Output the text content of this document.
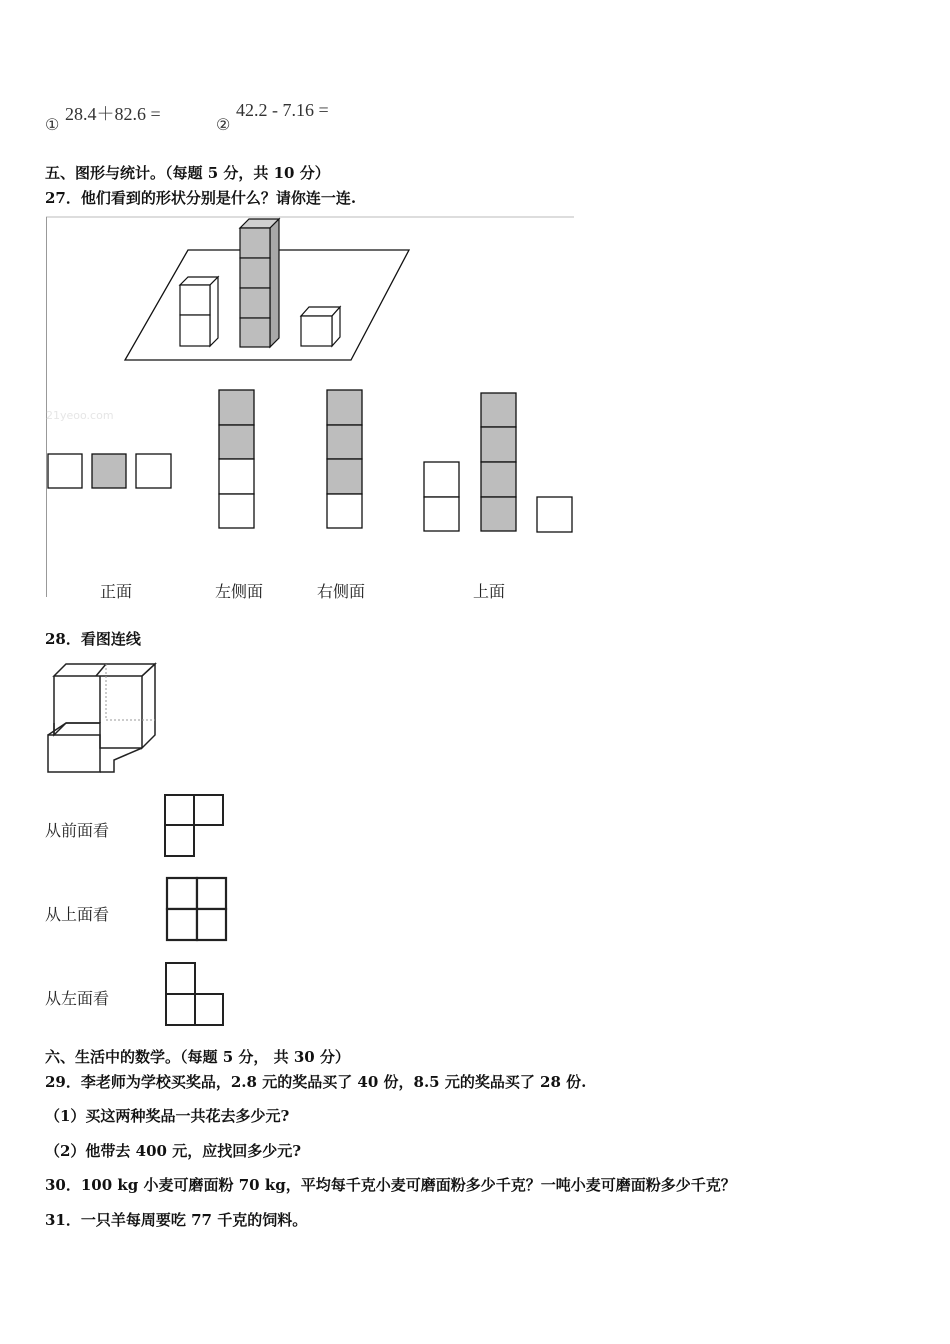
①
28.4＋82.6 =
②
42.2 - 7.16 =
五、图形与统计。（每题 5 分，共 10 分）
27．他们看到的形状分别是什么？请你连一连.
21yeoo.com
正面	左侧面	右侧面	上面
28．看图连线
从前面看
从上面看
从左面看
六、生活中的数学。（每题 5 分， 共 30 分）
29．李老师为学校买奖品，2.8 元的奖品买了 40 份，8.5 元的奖品买了 28 份.
（1）买这两种奖品一共花去多少元?
（2）他带去 400 元，应找回多少元?
30．100 kg 小麦可磨面粉 70 kg，平均每千克小麦可磨面粉多少千克？一吨小麦可磨面粉多少千克？
31．一只羊每周要吃 77 千克的饲料。
